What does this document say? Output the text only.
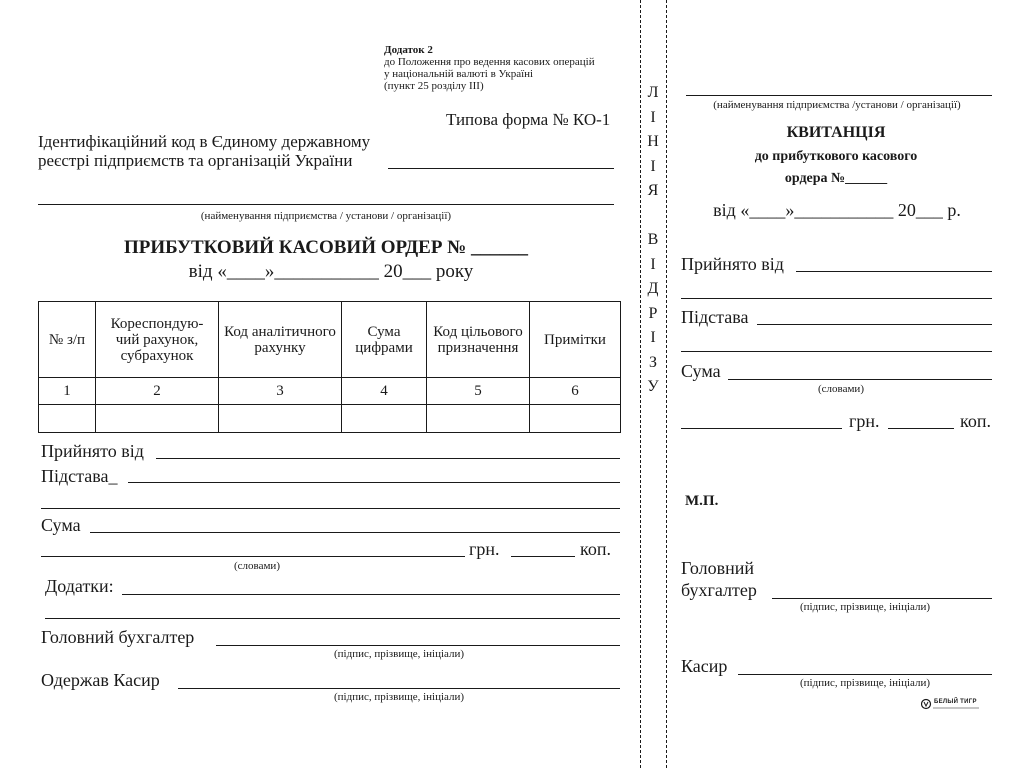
Додаток 2
до Положення про ведення касових операцій
у національній валюті в Україні
(пункт 25 розділу ІІІ)
Типова форма № КО-1
Ідентифікаційний код в Єдиному державному
реєстрі підприємств та організацій України
(найменування підприємства / установи / організації)
ПРИБУТКОВИЙ КАСОВИЙ ОРДЕР № ______
від «____»___________ 20___ року
№ з/п	Кореспондую- чий рахунок, субрахунок	Код аналітичного рахунку	Сума цифрами	Код цільового призначення	Примітки
1	2	3	4	5	6

Прийнято від
Підстава_
Сума
грн.	коп.
(словами)
Додатки:
Головний бухгалтер
(підпис, прізвище, ініціали)
Одержав Касир
(підпис, прізвище, ініціали)
Л
І
Н
І
Я
В
І
Д
Р
І
З
У
(найменування підприємства /установи / організації)
КВИТАНЦІЯ
до прибуткового касового
ордера №______
від «____»___________ 20___ р.
Прийнято від
Підстава
Сума
(словами)
грн.	коп.
М.П.
Головний
бухгалтер
(підпис, прізвище, ініціали)
Касир
(підпис, прізвище, ініціали)
БЕЛЫЙ ТИГР
